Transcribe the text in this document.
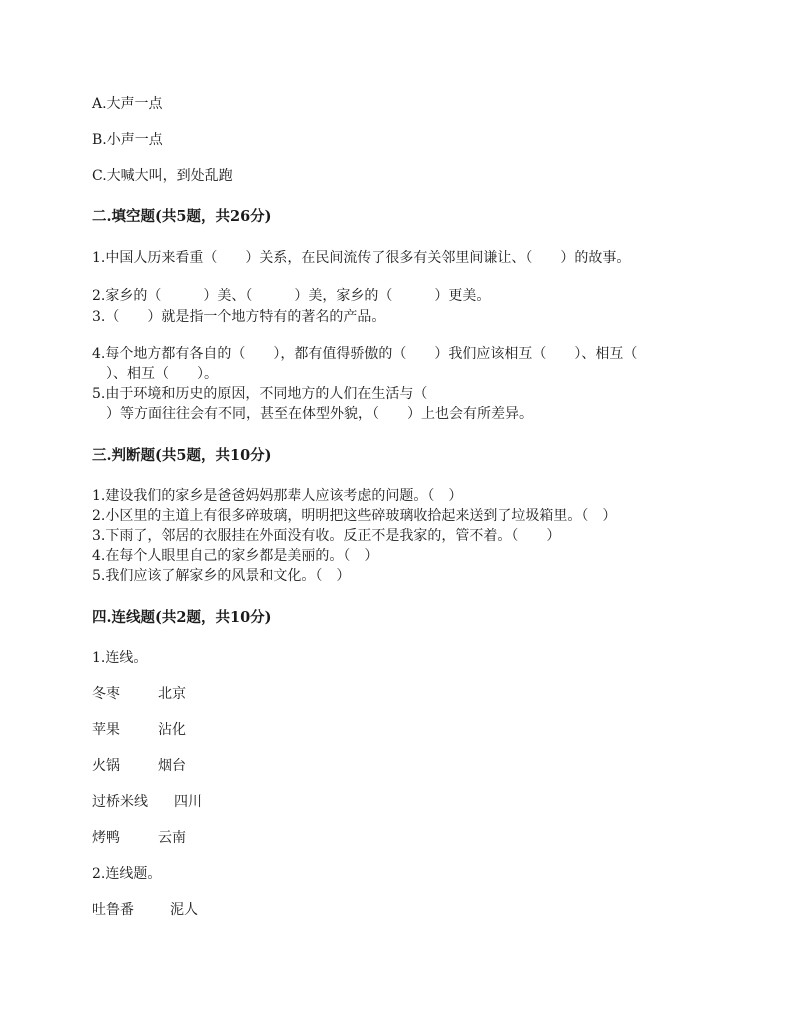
A.大声一点
B.小声一点
C.大喊大叫，到处乱跑
二.填空题(共5题，共26分)
1.中国人历来看重（　　）关系，在民间流传了很多有关邻里间谦让、（　　）的故事。
2.家乡的（　　　）美、（　　　）美，家乡的（　　　）更美。
3.（　　）就是指一个地方特有的著名的产品。
4.每个地方都有各自的（　　），都有值得骄傲的（　　）我们应该相互（　　）、相互（
　）、相互（　　）。
5.由于环境和历史的原因，不同地方的人们在生活与（
　）等方面往往会有不同，甚至在体型外貌，（　　）上也会有所差异。
三.判断题(共5题，共10分)
1.建设我们的家乡是爸爸妈妈那辈人应该考虑的问题。（　）
2.小区里的主道上有很多碎玻璃，明明把这些碎玻璃收拾起来送到了垃圾箱里。（　）
3.下雨了，邻居的衣服挂在外面没有收。反正不是我家的，管不着。（　　）
4.在每个人眼里自己的家乡都是美丽的。（　）
5.我们应该了解家乡的风景和文化。（　）
四.连线题(共2题，共10分)
1.连线。
冬枣	北京
苹果	沾化
火锅	烟台
过桥米线 四川
烤鸭	云南
2.连线题。
吐鲁番	泥人
